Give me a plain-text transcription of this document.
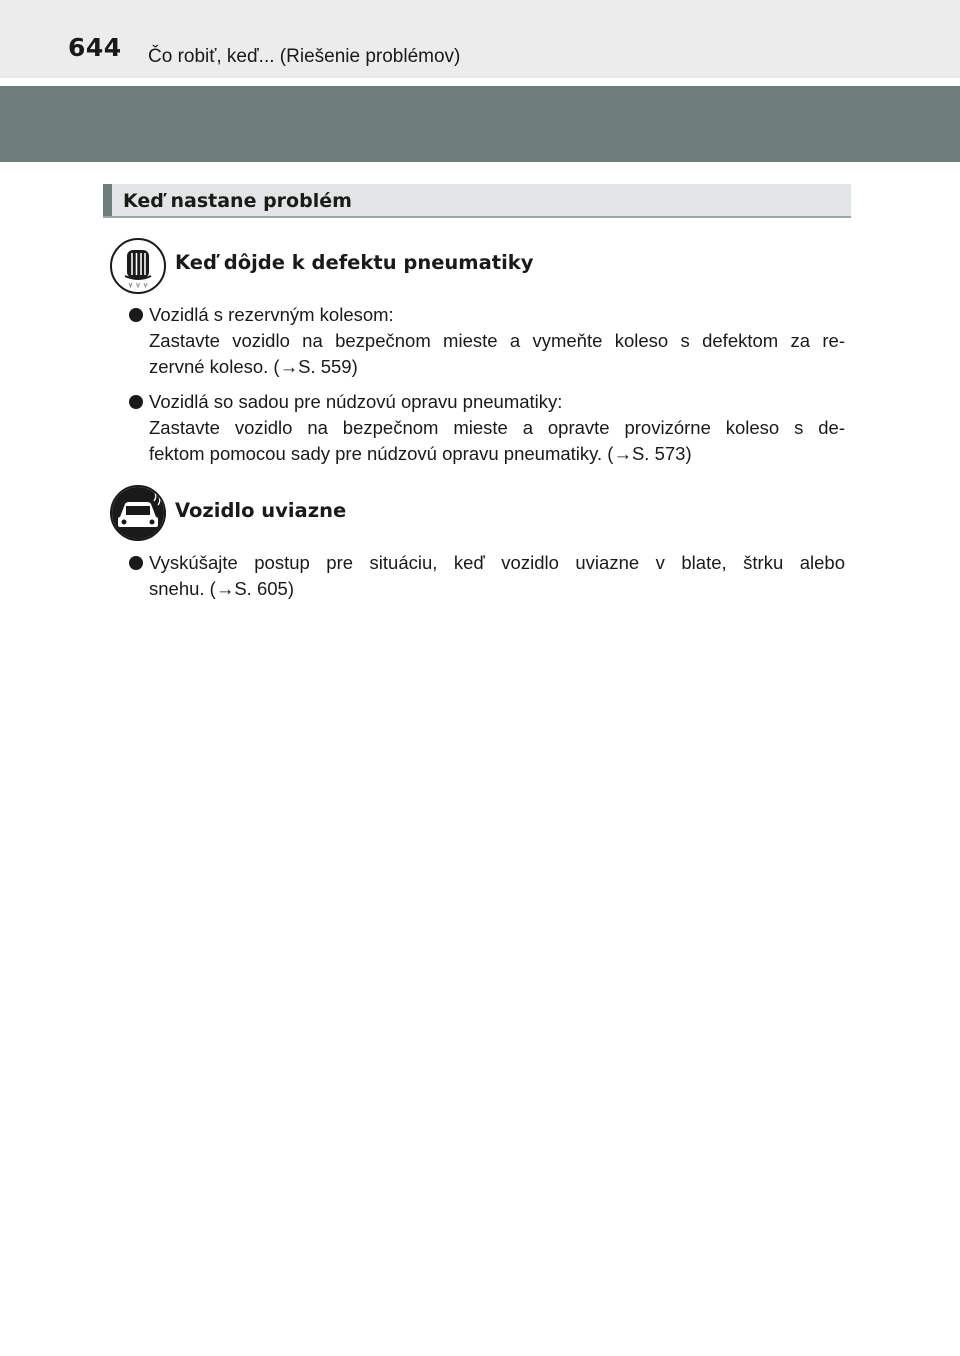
644 Čo robiť, keď... (Riešenie problémov)
Keď nastane problém
Keď dôjde k defektu pneumatiky
Vozidlá s rezervným kolesom:
Zastavte vozidlo na bezpečnom mieste a vymeňte koleso s defektom za re-
zervné koleso. (→S. 559)
Vozidlá so sadou pre núdzovú opravu pneumatiky:
Zastavte vozidlo na bezpečnom mieste a opravte provizórne koleso s de-
fektom pomocou sady pre núdzovú opravu pneumatiky. (→S. 573)
Vozidlo uviazne
Vyskúšajte postup pre situáciu, keď vozidlo uviazne v blate, štrku alebo
snehu. (→S. 605)
